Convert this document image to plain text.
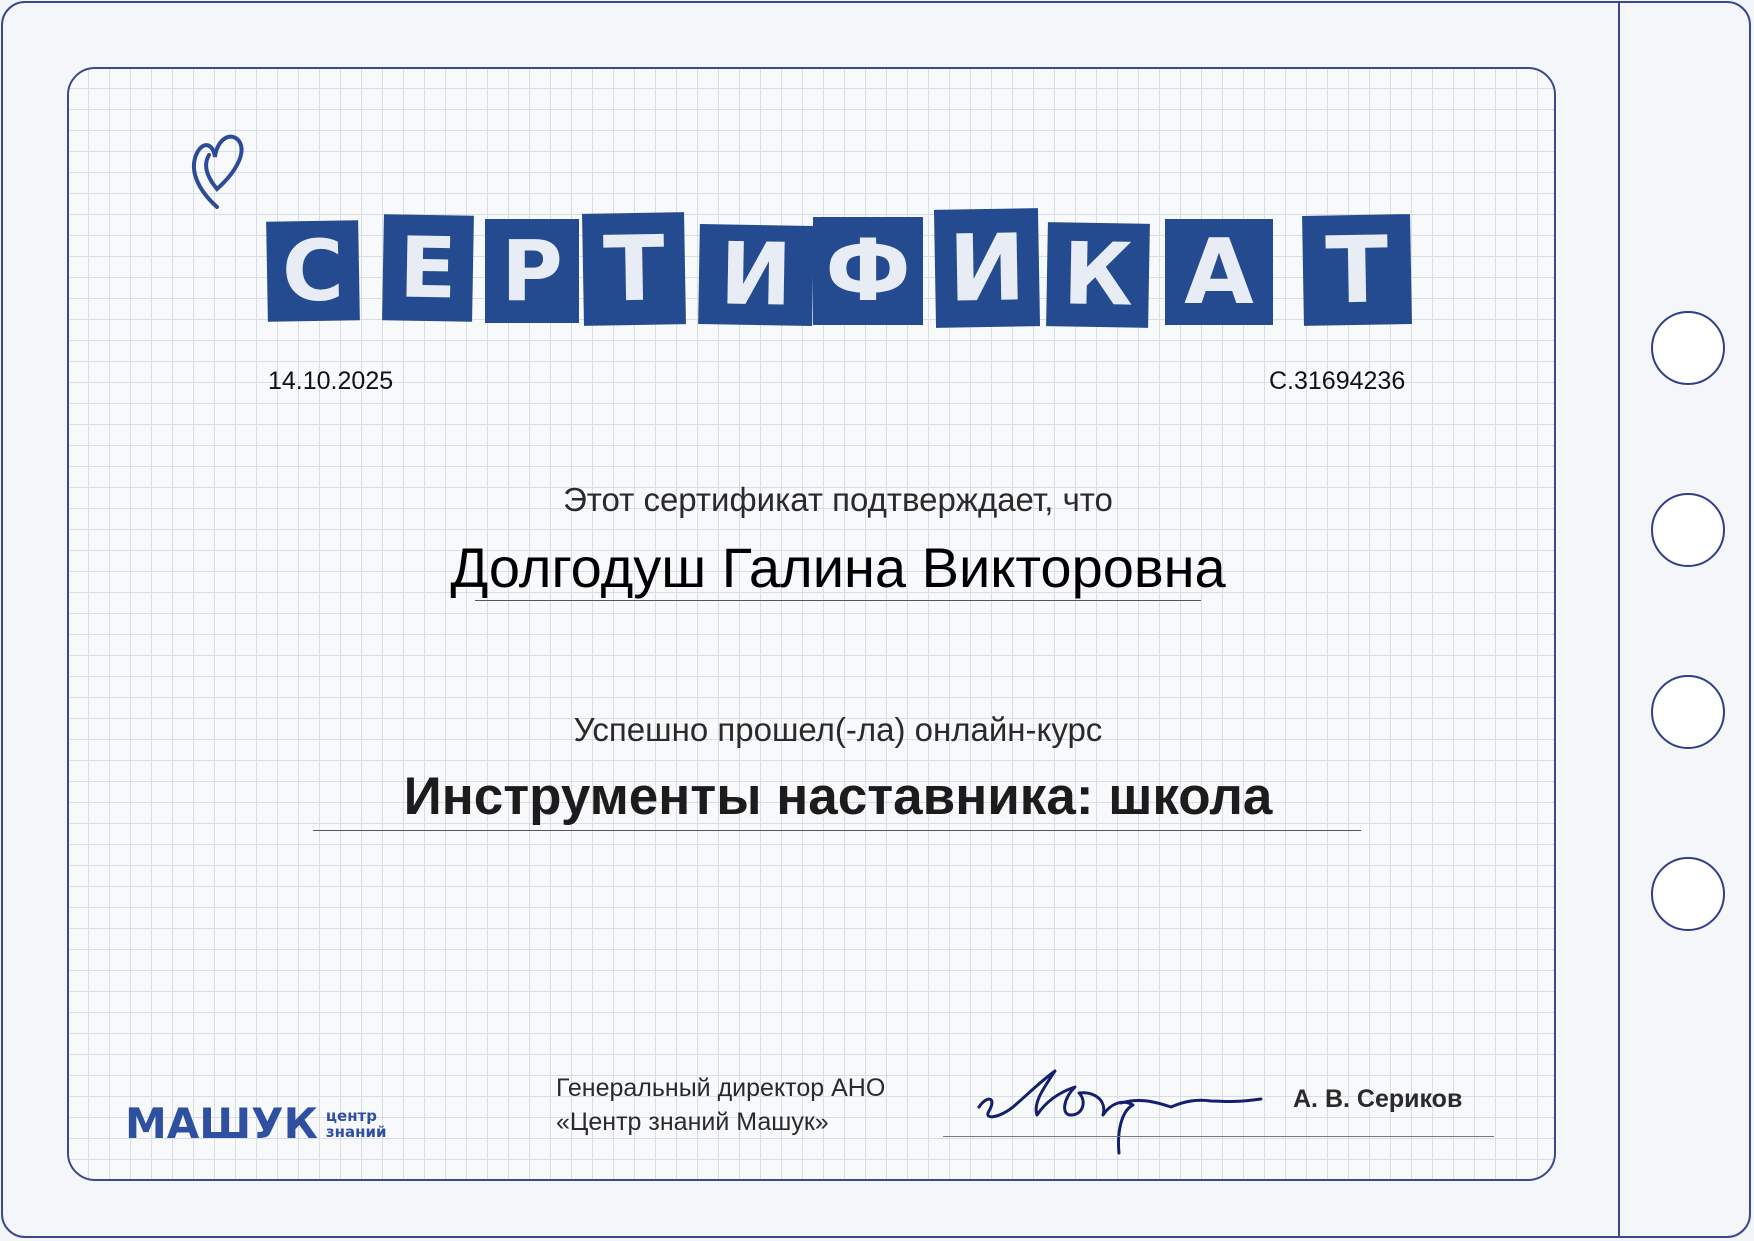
С Е Р Т И Ф И К А Т
14.10.2025	С.31694236
Этот сертификат подтверждает, что
Долгодуш Галина Викторовна
Успешно прошел(-ла) онлайн-курс
Инструменты наставника: школа
МАШУК центр
знаний
Генеральный директор АНО
«Центр знаний Машук»
А. В. Сериков
